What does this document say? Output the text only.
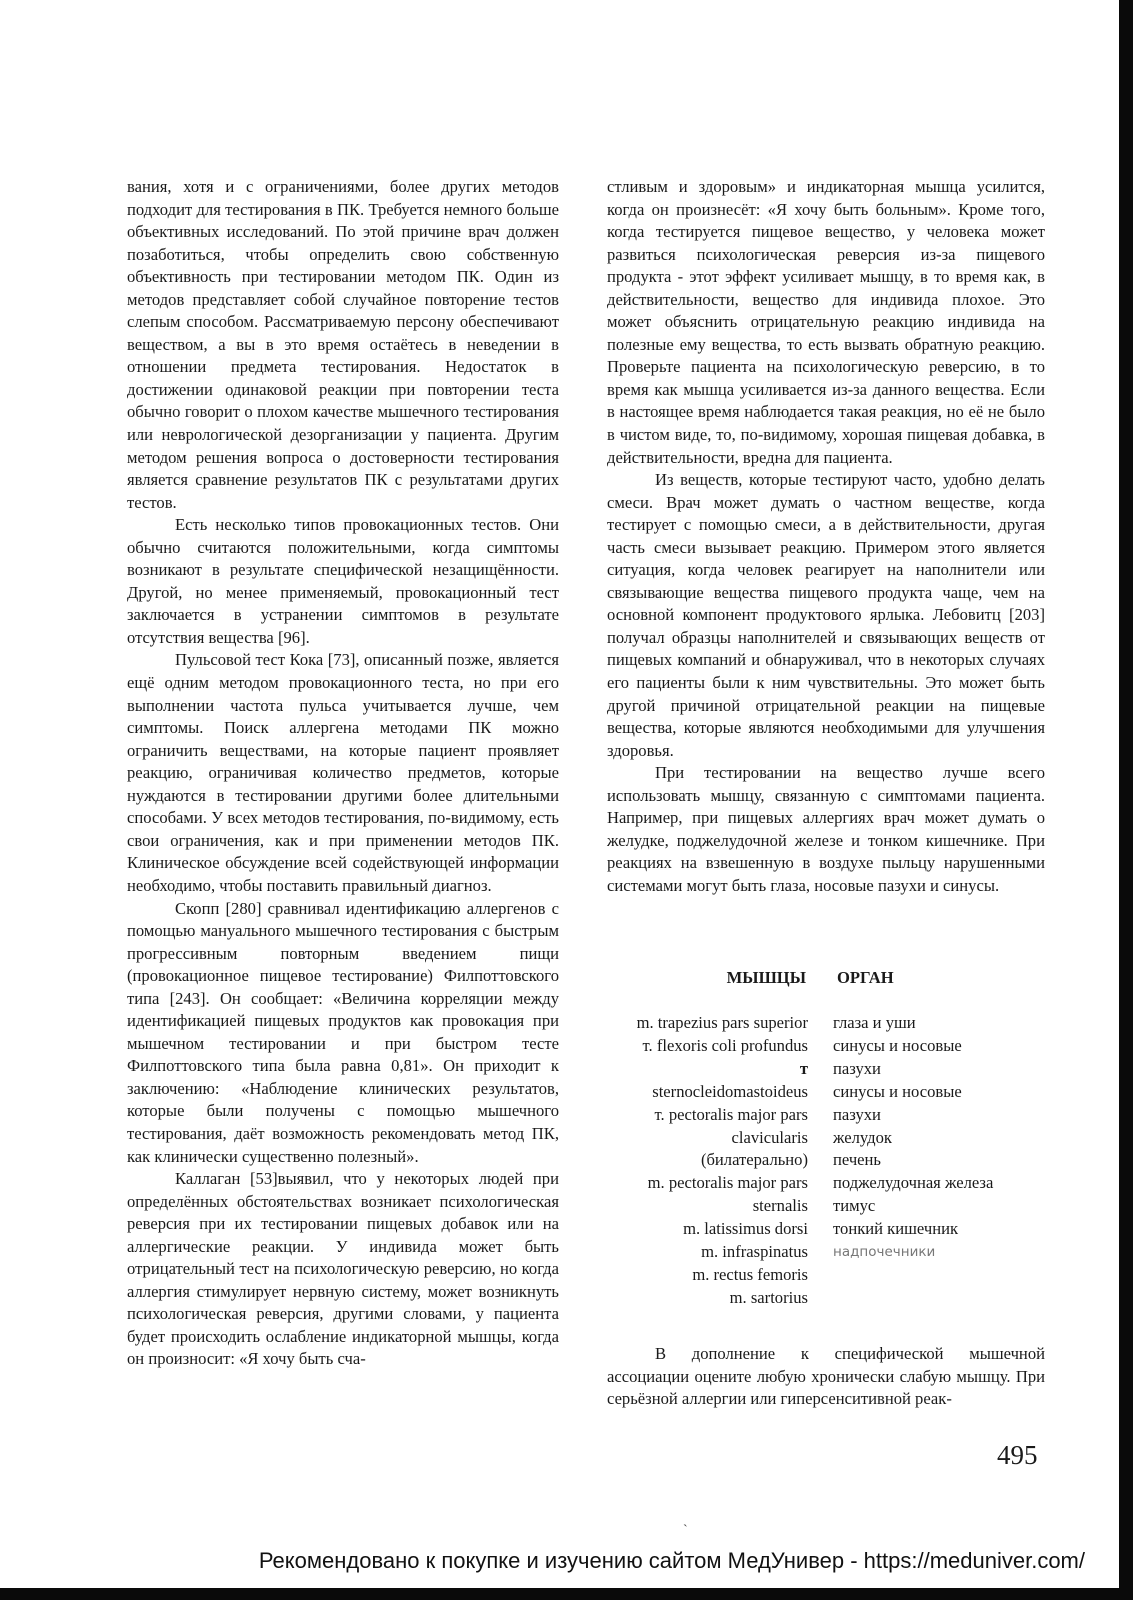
вания, хотя и с ограничениями, более других методов подходит для тестирования в ПК. Требуется немного больше объективных исследований. По этой причине врач должен позаботиться, чтобы определить свою собственную объективность при тестировании методом ПК. Один из методов представляет собой случайное повторение тестов слепым способом. Рассматриваемую персону обеспечивают веществом, а вы в это время остаётесь в неведении в отношении предмета тестирования. Недостаток в достижении одинаковой реакции при повторении теста обычно говорит о плохом качестве мышечного тестирования или неврологической дезорганизации у пациента. Другим методом решения вопроса о достоверности тестирования является сравнение результатов ПК с результатами других тестов.

Есть несколько типов провокационных тестов. Они обычно считаются положительными, когда симптомы возникают в результате специфической незащищённости. Другой, но менее применяемый, провокационный тест заключается в устранении симптомов в результате отсутствия вещества [96].

Пульсовой тест Кока [73], описанный позже, является ещё одним методом провокационного теста, но при его выполнении частота пульса учитывается лучше, чем симптомы. Поиск аллергена методами ПК можно ограничить веществами, на которые пациент проявляет реакцию, ограничивая количество предметов, которые нуждаются в тестировании другими более длительными способами. У всех методов тестирования, по-видимому, есть свои ограничения, как и при применении методов ПК. Клиническое обсуждение всей содействующей информации необходимо, чтобы поставить правильный диагноз.

Скопп [280] сравнивал идентификацию аллергенов с помощью мануального мышечного тестирования с быстрым прогрессивным повторным введением пищи (провокационное пищевое тестирование) Филпоттовского типа [243]. Он сообщает: «Величина корреляции между идентификацией пищевых продуктов как провокация при мышечном тестировании и при быстром тесте Филпоттовского типа была равна 0,81». Он приходит к заключению: «Наблюдение клинических результатов, которые были получены с помощью мышечного тестирования, даёт возможность рекомендовать метод ПК, как клинически существенно полезный».

Каллаган [53]выявил, что у некоторых людей при определённых обстоятельствах возникает психологическая реверсия при их тестировании пищевых добавок или на аллергические реакции. У индивида может быть отрицательный тест на психологическую реверсию, но когда аллергия стимулирует нервную систему, может возникнуть психологическая реверсия, другими словами, у пациента будет происходить ослабление индикаторной мышцы, когда он произносит: «Я хочу быть сча-

стливым и здоровым» и индикаторная мышца усилится, когда он произнесёт: «Я хочу быть больным». Кроме того, когда тестируется пищевое вещество, у человека может развиться психологическая реверсия из-за пищевого продукта - этот эффект усиливает мышцу, в то время как, в действительности, вещество для индивида плохое. Это может объяснить отрицательную реакцию индивида на полезные ему вещества, то есть вызвать обратную реакцию. Проверьте пациента на психологическую реверсию, в то время как мышца усиливается из-за данного вещества. Если в настоящее время наблюдается такая реакция, но её не было в чистом виде, то, по-видимому, хорошая пищевая добавка, в действительности, вредна для пациента.

Из веществ, которые тестируют часто, удобно делать смеси. Врач может думать о частном веществе, когда тестирует с помощью смеси, а в действительности, другая часть смеси вызывает реакцию. Примером этого является ситуация, когда человек реагирует на наполнители или связывающие вещества пищевого продукта чаще, чем на основной компонент продуктового ярлыка. Лебовитц [203] получал образцы наполнителей и связывающих веществ от пищевых компаний и обнаруживал, что в некоторых случаях его пациенты были к ним чувствительны. Это может быть другой причиной отрицательной реакции на пищевые вещества, которые являются необходимыми для улучшения здоровья.

При тестировании на вещество лучше всего использовать мышцу, связанную с симптомами пациента. Например, при пищевых аллергиях врач может думать о желудке, поджелудочной железе и тонком кишечнике. При реакциях на взвешенную в воздухе пыльцу нарушенными системами могут быть глаза, носовые пазухи и синусы.

МЫШЦЫ ОРГАН
m. trapezius pars superior
т. flexoris coli profundus
т
sternocleidomastoideus
т. pectoralis major pars
clavicularis
(билатерально)
m. pectoralis major pars
sternalis
m. latissimus dorsi
m. infraspinatus
m. rectus femoris
m. sartorius
глаза и уши
синусы и носовые
пазухи
синусы и носовые
пазухи
желудок
печень
поджелудочная железа
тимус
тонкий кишечник
надпочечники

В дополнение к специфической мышечной ассоциации оцените любую хронически слабую мышцу. При серьёзной аллергии или гиперсенситивной реак-

495
`
Рекомендовано к покупке и изучению сайтом МедУнивер - https://meduniver.com/
